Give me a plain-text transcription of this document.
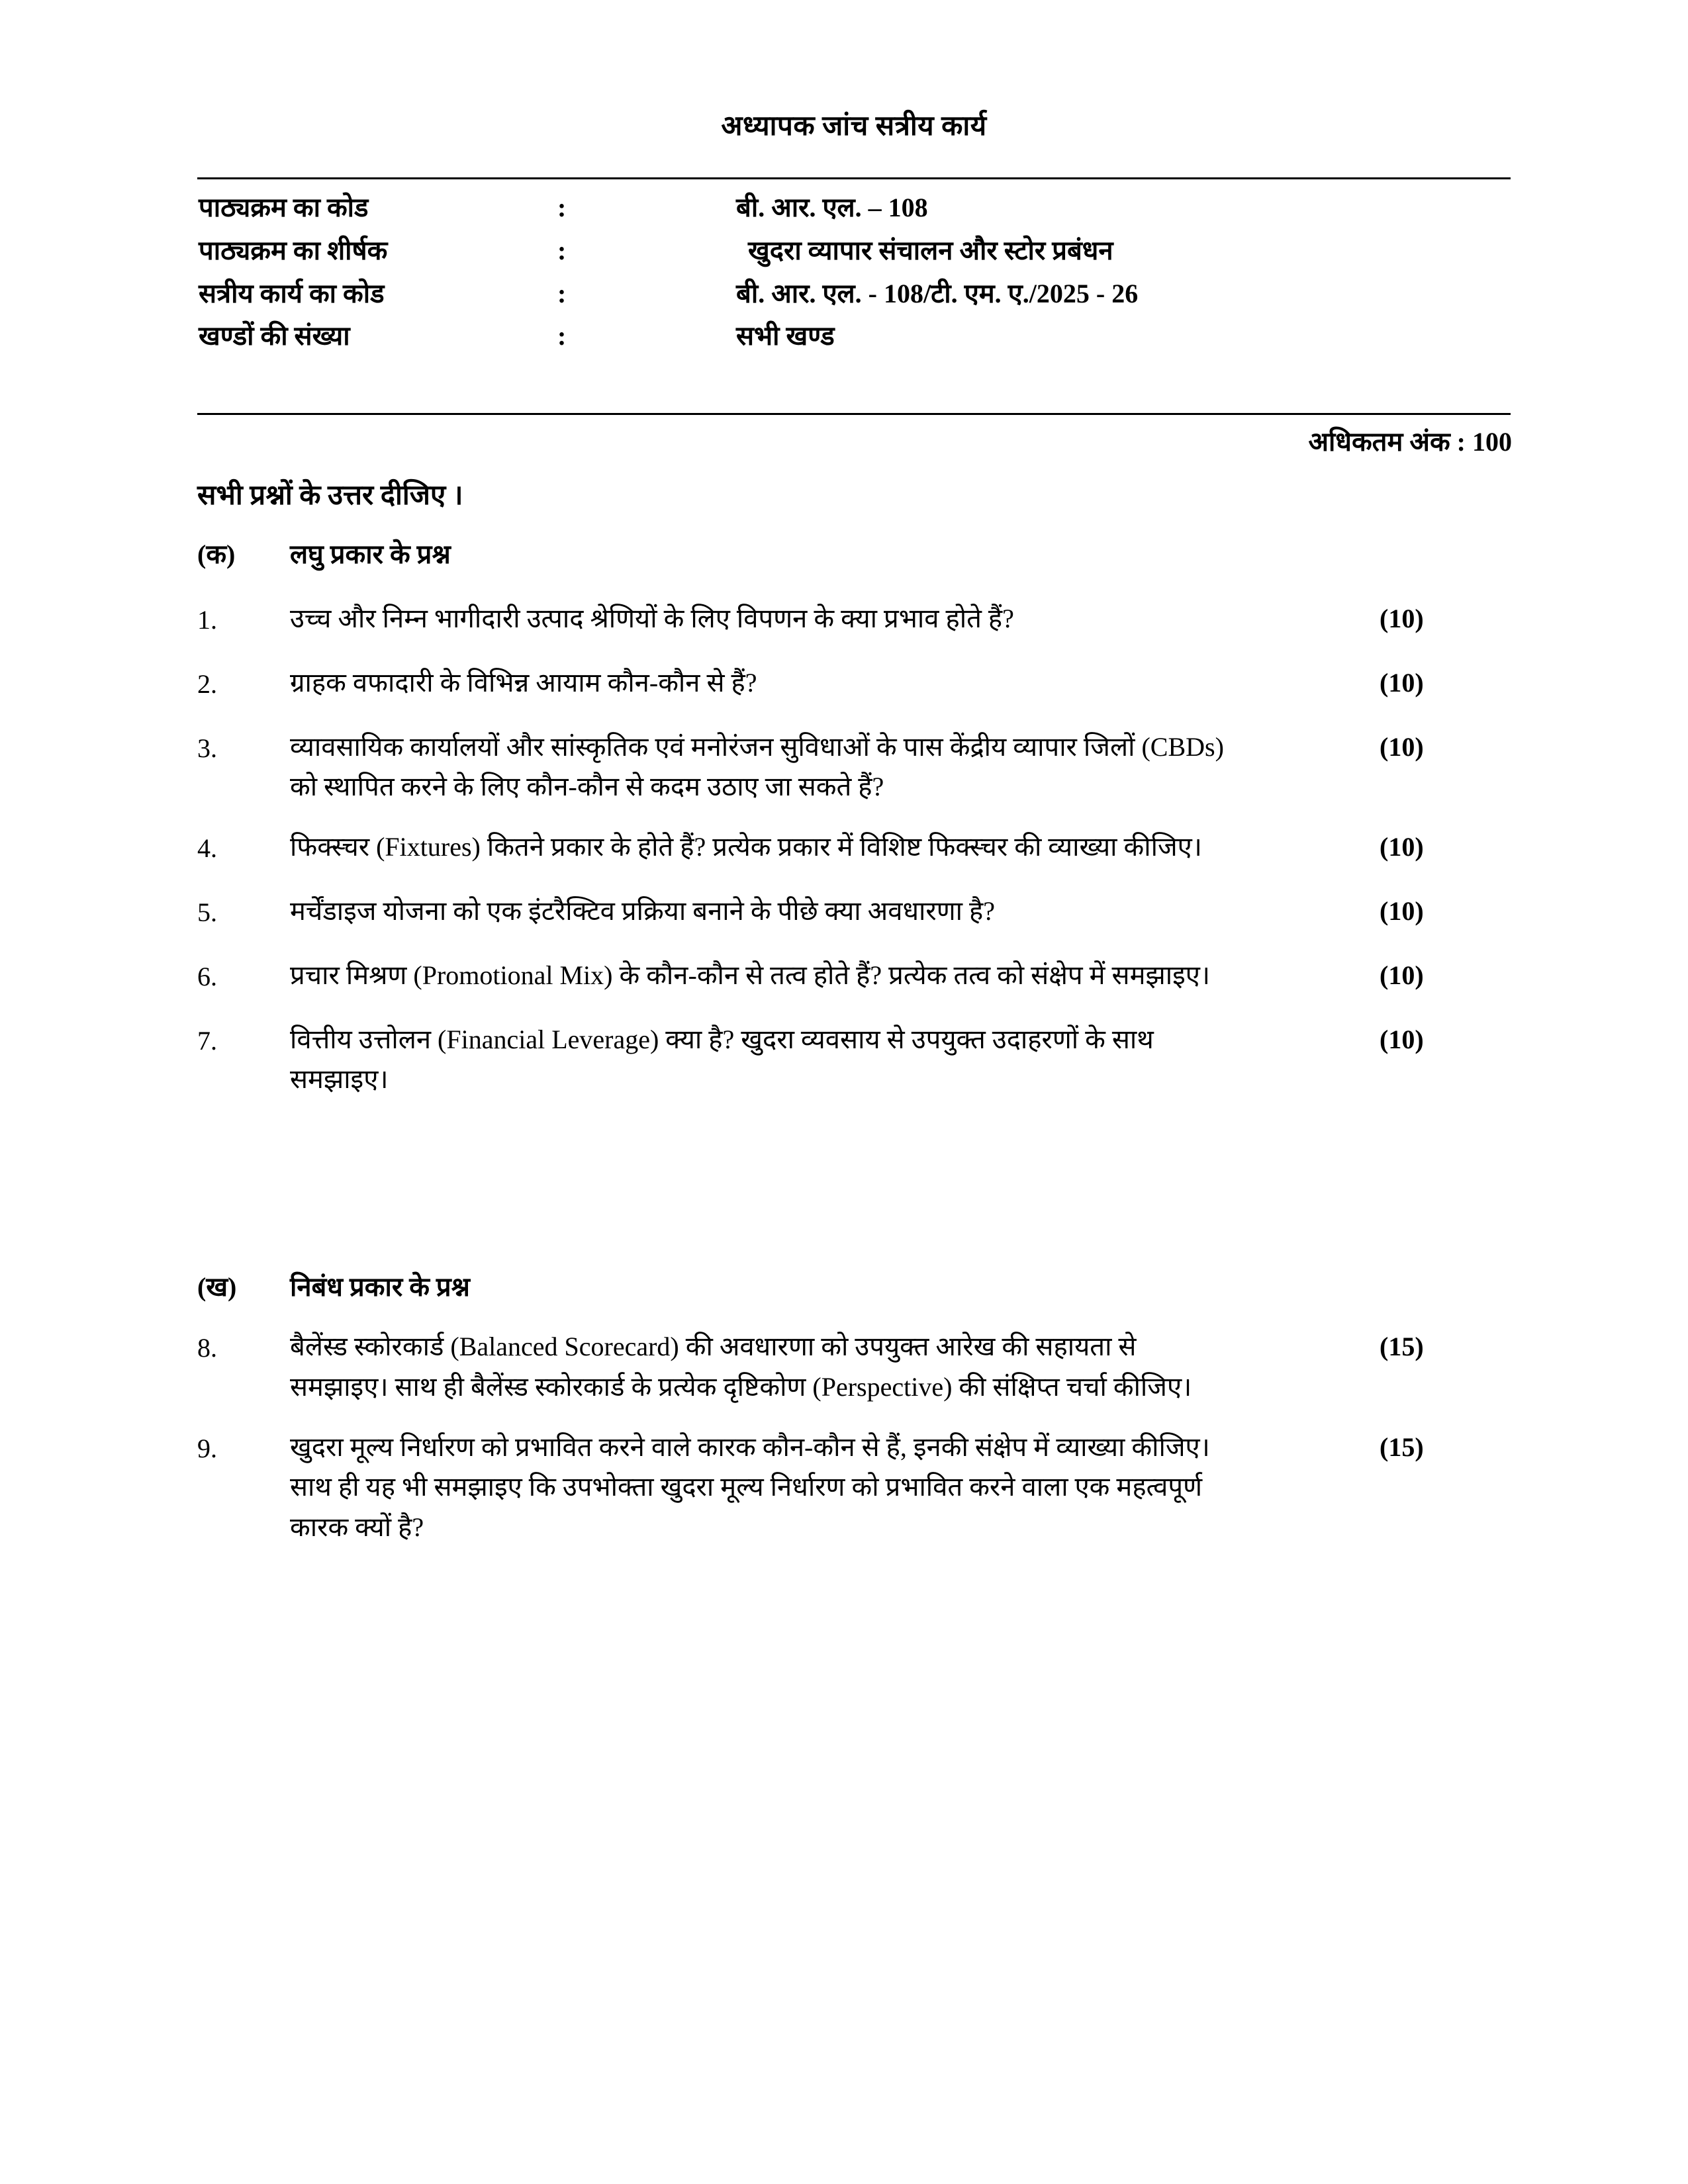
अध्यापक जांच सत्रीय कार्य
पाठ्यक्रम का कोड	:	बी. आर. एल. – 108
पाठ्यक्रम का शीर्षक	:	खुदरा व्यापार संचालन और स्टोर प्रबंधन
सत्रीय कार्य का कोड	:	बी. आर. एल. - 108/टी. एम. ए./2025 - 26
खण्डों की संख्या	:	सभी खण्ड
अधिकतम अंक : 100
सभी प्रश्नों के उत्तर दीजिए ।
(क) लघु प्रकार के प्रश्न
1.	उच्च और निम्न भागीदारी उत्पाद श्रेणियों के लिए विपणन के क्या प्रभाव होते हैं?	(10)
2.	ग्राहक वफादारी के विभिन्न आयाम कौन-कौन से हैं?	(10)
3.	व्यावसायिक कार्यालयों और सांस्कृतिक एवं मनोरंजन सुविधाओं के पास केंद्रीय व्यापार जिलों (CBDs)
को स्थापित करने के लिए कौन-कौन से कदम उठाए जा सकते हैं?
(10)
4.	फिक्स्चर (Fixtures) कितने प्रकार के होते हैं? प्रत्येक प्रकार में विशिष्ट फिक्स्चर की व्याख्या कीजिए।	(10)
5.	मर्चेंडाइज योजना को एक इंटरैक्टिव प्रक्रिया बनाने के पीछे क्या अवधारणा है?	(10)
6.	प्रचार मिश्रण (Promotional Mix) के कौन-कौन से तत्व होते हैं? प्रत्येक तत्व को संक्षेप में समझाइए।	(10)
7.	वित्तीय उत्तोलन (Financial Leverage) क्या है? खुदरा व्यवसाय से उपयुक्त उदाहरणों के साथ
समझाइए।
(10)
(ख) निबंध प्रकार के प्रश्न
8.	बैलेंस्ड स्कोरकार्ड (Balanced Scorecard) की अवधारणा को उपयुक्त आरेख की सहायता से
समझाइए। साथ ही बैलेंस्ड स्कोरकार्ड के प्रत्येक दृष्टिकोण (Perspective) की संक्षिप्त चर्चा कीजिए।
(15)
9.	खुदरा मूल्य निर्धारण को प्रभावित करने वाले कारक कौन-कौन से हैं, इनकी संक्षेप में व्याख्या कीजिए।
साथ ही यह भी समझाइए कि उपभोक्ता खुदरा मूल्य निर्धारण को प्रभावित करने वाला एक महत्वपूर्ण
कारक क्यों है?
(15)
